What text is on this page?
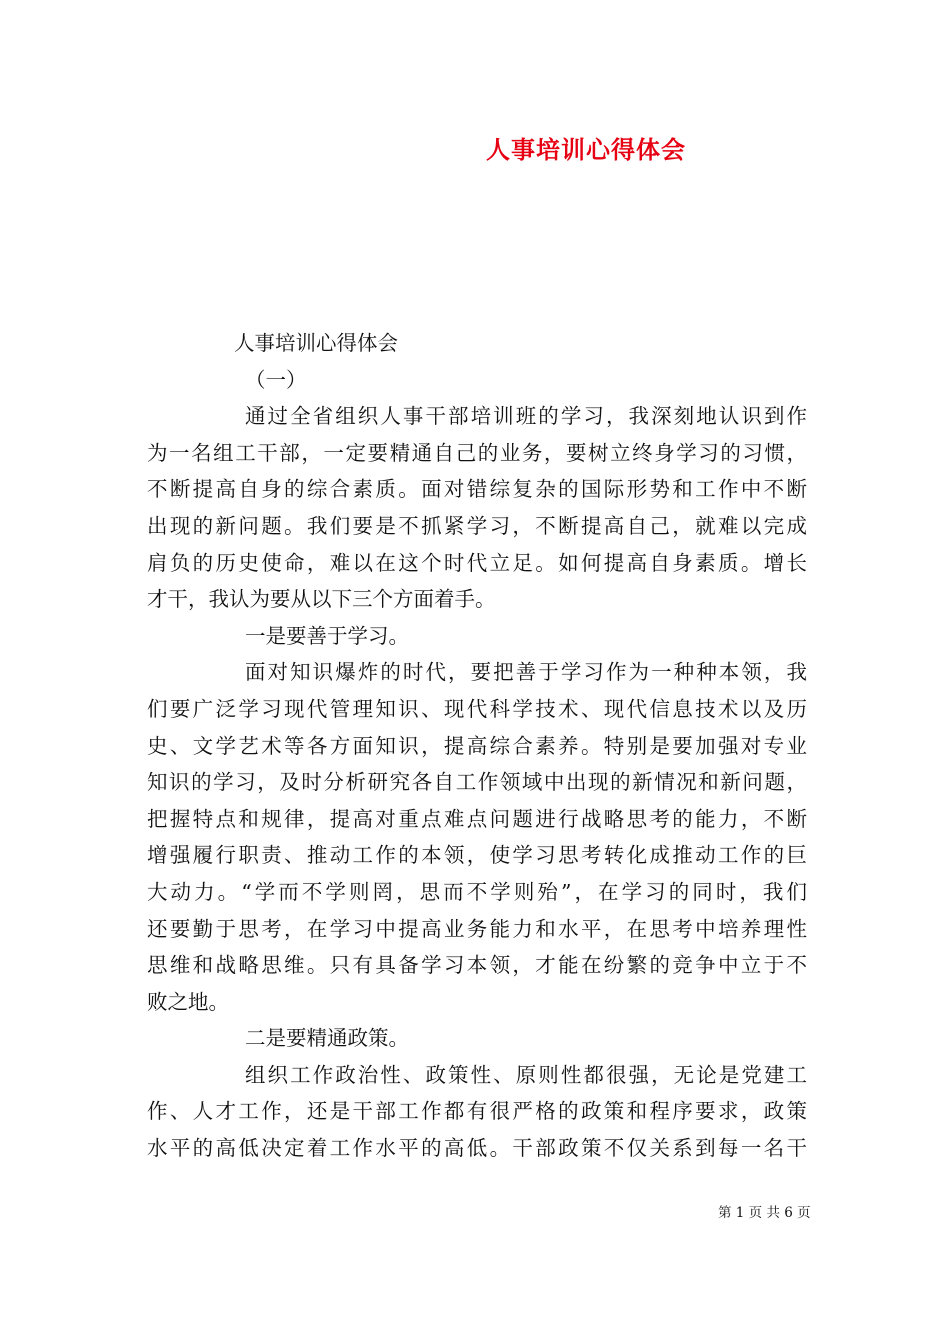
人事培训心得体会
人事培训心得体会
（一）
通过全省组织人事干部培训班的学习，我深刻地认识到作
为一名组工干部，一定要精通自己的业务，要树立终身学习的习惯，
不断提高自身的综合素质。面对错综复杂的国际形势和工作中不断
出现的新问题。我们要是不抓紧学习，不断提高自己，就难以完成
肩负的历史使命，难以在这个时代立足。如何提高自身素质。增长
才干，我认为要从以下三个方面着手。
一是要善于学习。
面对知识爆炸的时代，要把善于学习作为一种种本领，我
们要广泛学习现代管理知识、现代科学技术、现代信息技术以及历
史、文学艺术等各方面知识，提高综合素养。特别是要加强对专业
知识的学习，及时分析研究各自工作领域中出现的新情况和新问题，
把握特点和规律，提高对重点难点问题进行战略思考的能力，不断
增强履行职责、推动工作的本领，使学习思考转化成推动工作的巨
大动力。“学而不学则罔，思而不学则殆”，在学习的同时，我们
还要勤于思考，在学习中提高业务能力和水平，在思考中培养理性
思维和战略思维。只有具备学习本领，才能在纷繁的竞争中立于不
败之地。
二是要精通政策。
组织工作政治性、政策性、原则性都很强，无论是党建工
作、人才工作，还是干部工作都有很严格的政策和程序要求，政策
水平的高低决定着工作水平的高低。干部政策不仅关系到每一名干
第 1 页 共 6 页
